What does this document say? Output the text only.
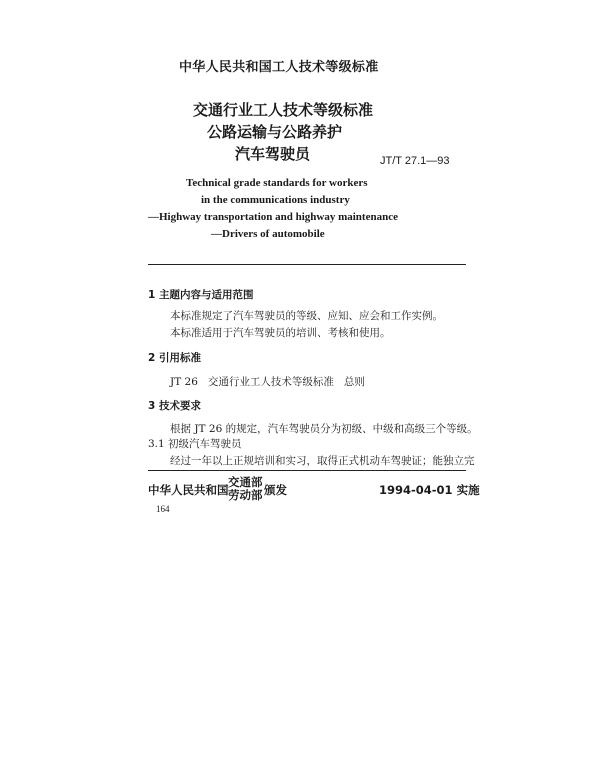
中华人民共和国工人技术等级标准
交通行业工人技术等级标准
公路运输与公路养护
汽车驾驶员	JT/T 27.1—93
Technical grade standards for workers
in the communications industry
—Highway transportation and highway maintenance
—Drivers of automobile
1 主题内容与适用范围
本标准规定了汽车驾驶员的等级、应知、应会和工作实例。
本标准适用于汽车驾驶员的培训、考核和使用。
2 引用标准
JT 26   交通行业工人技术等级标准   总则
3 技术要求
根据 JT 26 的规定，汽车驾驶员分为初级、中级和高级三个等级。
3.1 初级汽车驾驶员
经过一年以上正规培训和实习，取得正式机动车驾驶证；能独立完
中华人民共和国
交通部
劳动部 颁发	1994-04-01 实施
164
